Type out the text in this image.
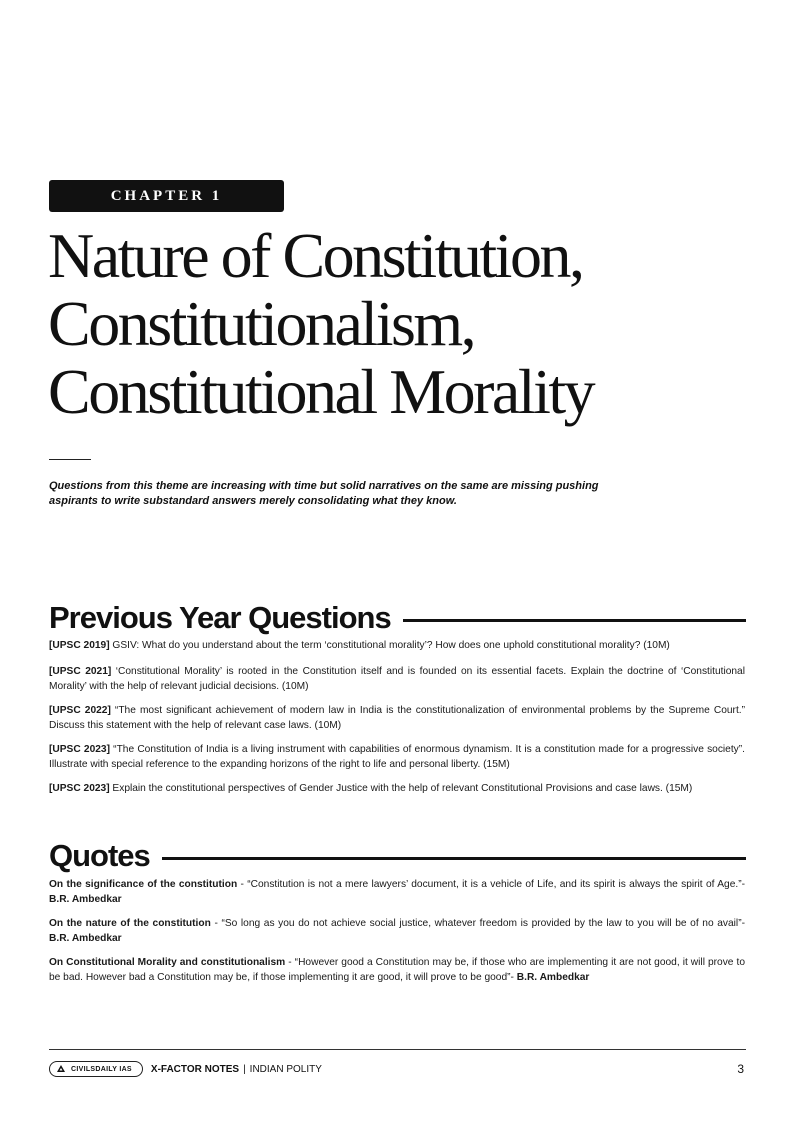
CHAPTER 1
Nature of Constitution,
Constitutionalism,
Constitutional Morality

Questions from this theme are increasing with time but solid narratives on the same are missing pushing aspirants to write substandard answers merely consolidating what they know.

Previous Year Questions

[UPSC 2019] GSIV: What do you understand about the term ‘constitutional morality’? How does one uphold constitutional morality? (10M)

[UPSC 2021] ‘Constitutional Morality’ is rooted in the Constitution itself and is founded on its essential facets. Explain the doctrine of ‘Constitutional Morality’ with the help of relevant judicial decisions. (10M)

[UPSC 2022] “The most significant achievement of modern law in India is the constitutionalization of environmental problems by the Supreme Court.” Discuss this statement with the help of relevant case laws. (10M)

[UPSC 2023] “The Constitution of India is a living instrument with capabilities of enormous dynamism. It is a constitution made for a progressive society”. Illustrate with special reference to the expanding horizons of the right to life and personal liberty. (15M)

[UPSC 2023] Explain the constitutional perspectives of Gender Justice with the help of relevant Constitutional Provisions and case laws. (15M)

Quotes

On the significance of the constitution - “Constitution is not a mere lawyers’ document, it is a vehicle of Life, and its spirit is always the spirit of Age.”- B.R. Ambedkar

On the nature of the constitution - “So long as you do not achieve social justice, whatever freedom is provided by the law to you will be of no avail”- B.R. Ambedkar

On Constitutional Morality and constitutionalism - “However good a Constitution may be, if those who are implementing it are not good, it will prove to be bad. However bad a Constitution may be, if those implementing it are good, it will prove to be good”- B.R. Ambedkar

CIVILSDAILY IAS X-FACTOR NOTES | INDIAN POLITY	3
